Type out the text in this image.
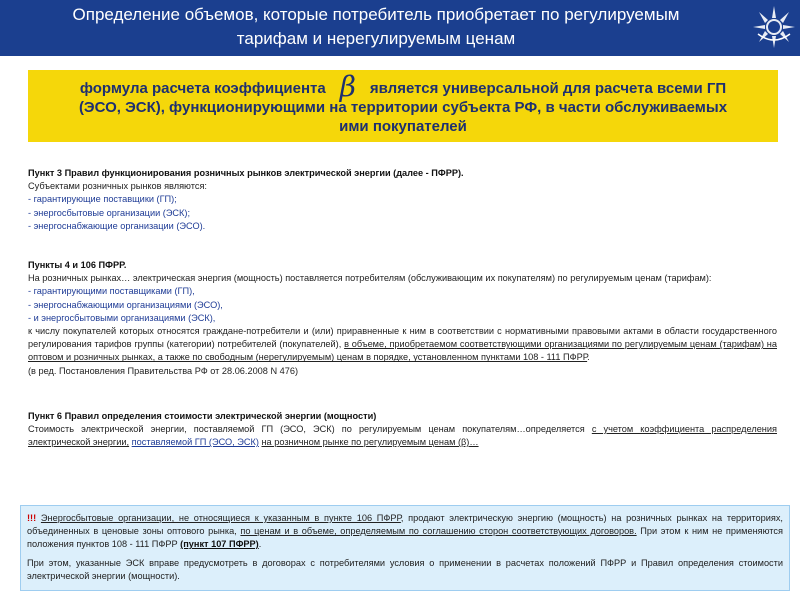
Определение объемов, которые потребитель приобретает по регулируемым
тарифам и нерегулируемым ценам
формула расчета коэффициента β является универсальной для расчета всеми ГП
(ЭСО, ЭСК), функционирующими на территории субъекта РФ, в части обслуживаемых
ими покупателей

Пункт 3 Правил функционирования розничных рынков электрической энергии (далее - ПФРР).

Субъектами розничных рынков являются:

- гарантирующие поставщики (ГП);

- энергосбытовые организации (ЭСК);

- энергоснабжающие организации (ЭСО).

Пункты 4 и 106 ПФРР.

На розничных рынках… электрическая энергия (мощность) поставляется потребителям (обслуживающим их покупателям) по регулируемым ценам (тарифам):

- гарантирующими поставщиками (ГП),

- энергоснабжающими организациями (ЭСО),

- и энергосбытовыми организациями (ЭСК),

к числу покупателей которых относятся граждане-потребители и (или) приравненные к ним в соответствии с нормативными правовыми актами в области государственного регулирования тарифов группы (категории) потребителей (покупателей), в объеме, приобретаемом соответствующими организациями по регулируемым ценам (тарифам) на оптовом и розничных рынках, а также по свободным (нерегулируемым) ценам в порядке, установленном пунктами 108 - 111 ПФРР.

(в ред. Постановления Правительства РФ от 28.06.2008 N 476)

Пункт 6 Правил определения стоимости электрической энергии (мощности)

Стоимость электрической энергии, поставляемой ГП (ЭСО, ЭСК) по регулируемым ценам покупателям…определяется с учетом коэффициента распределения электрической энергии, поставляемой ГП (ЭСО, ЭСК) на розничном рынке по регулируемым ценам (β)…

!!! Энергосбытовые организации, не относящиеся к указанным в пункте 106 ПФРР, продают электрическую энергию (мощность) на розничных рынках на территориях, объединенных в ценовые зоны оптового рынка, по ценам и в объеме, определяемым по соглашению сторон соответствующих договоров. При этом к ним не применяются положения пунктов 108 - 111 ПФРР (пункт 107 ПФРР).

При этом, указанные ЭСК вправе предусмотреть в договорах с потребителями условия о применении в расчетах положений ПФРР и Правил определения стоимости электрической энергии (мощности).
